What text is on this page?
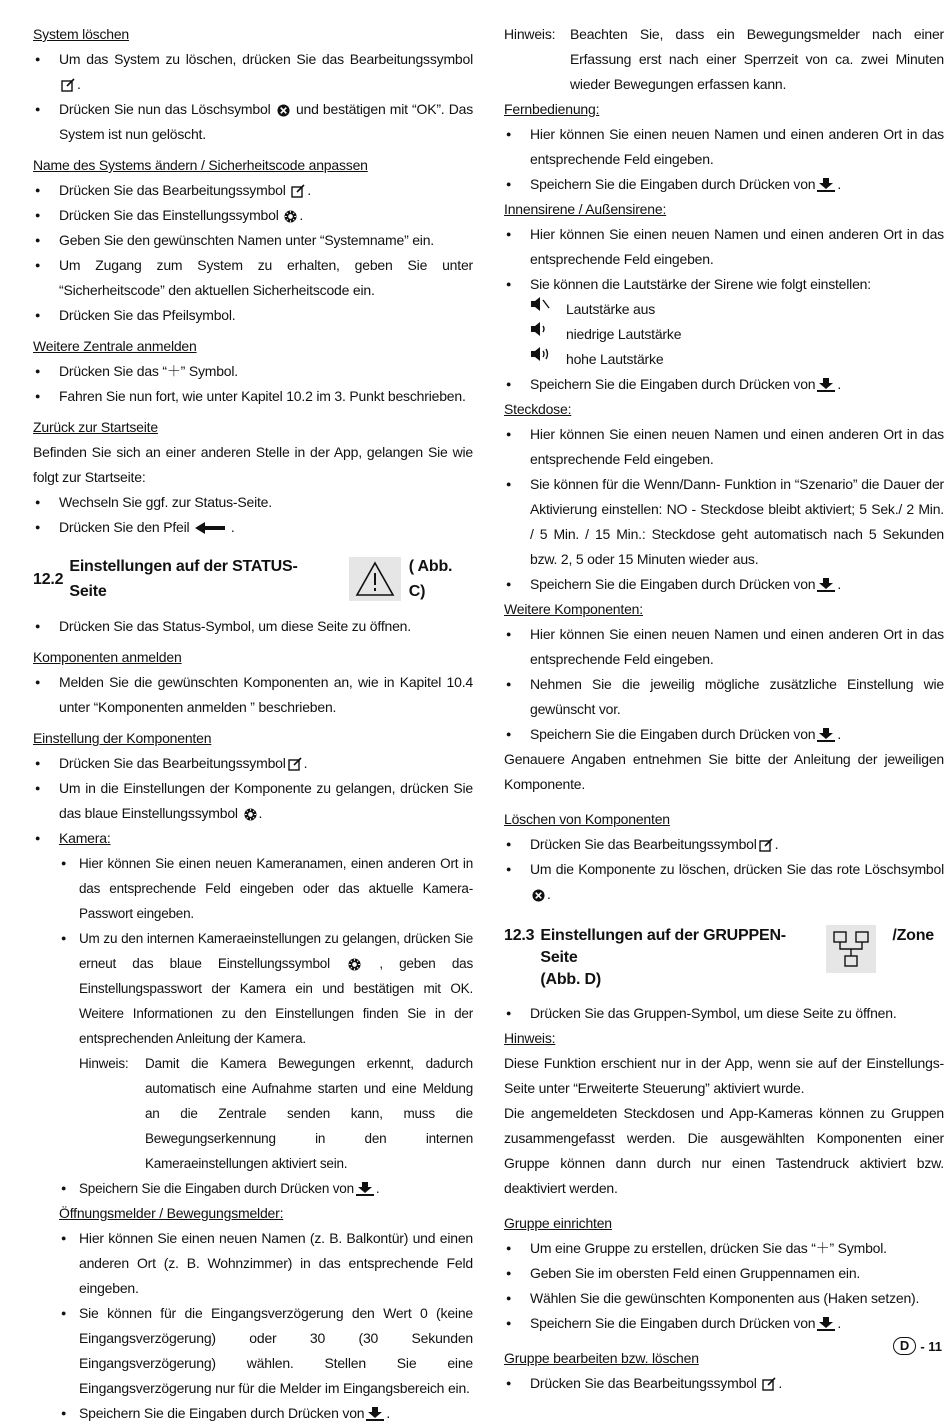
System löschen
● Um das System zu löschen, drücken Sie das Bearbeitungssymbol.
● Drücken Sie nun das Löschsymbol und bestätigen mit “OK”. Das System ist nun gelöscht.
Name des Systems ändern / Sicherheitscode anpassen
● Drücken Sie das Bearbeitungssymbol .
● Drücken Sie das Einstellungssymbol .
● Geben Sie den gewünschten Namen unter “Systemname” ein.
● Um Zugang zum System zu erhalten, geben Sie unter “Sicherheitscode” den aktuellen Sicherheitscode ein.
● Drücken Sie das Pfeilsymbol.
Weitere Zentrale anmelden
● Drücken Sie das “＋” Symbol.
● Fahren Sie nun fort, wie unter Kapitel 10.2 im 3. Punkt beschrieben.
Zurück zur Startseite

Befinden Sie sich an einer anderen Stelle in der App, gelangen Sie wie folgt zur Startseite:

● Wechseln Sie ggf. zur Status-Seite.
● Drücken Sie den Pfeil	.
12.2
Einstellungen auf der STATUS-Seite
( Abb. C)
● Drücken Sie das Status-Symbol, um diese Seite zu öffnen.
Komponenten anmelden
● Melden Sie die gewünschten Komponenten an, wie in Kapitel 10.4 unter “Komponenten anmelden ” beschrieben.
Einstellung der Komponenten
● Drücken Sie das Bearbeitungssymbol .
● Um in die Einstellungen der Komponente zu gelangen, drücken Sie das blaue Einstellungssymbol .
● Kamera:
● Hier können Sie einen neuen Kameranamen, einen anderen Ort in das entsprechende Feld eingeben oder das aktuelle Kamera-Passwort eingeben.
● Um zu den internen Kameraeinstellungen zu gelangen, drücken Sie erneut das blaue Einstellungssymbol	, geben das Einstellungspasswort der Kamera ein und bestätigen mit OK. Weitere Informationen zu den Einstellungen finden Sie in der entsprechenden Anleitung der Kamera.
Hinweis:	Damit die Kamera Bewegungen erkennt, dadurch automatisch eine Aufnahme starten und eine Meldung an die Zentrale senden kann, muss die Bewegungserkennung in den internen Kameraeinstellungen aktiviert sein.
● Speichern Sie die Eingaben durch Drücken von .
Öffnungsmelder / Bewegungsmelder:
● Hier können Sie einen neuen Namen (z. B. Balkontür) und einen anderen Ort (z. B. Wohnzimmer) in das entsprechende Feld eingeben.
● Sie können für die Eingangsverzögerung den Wert 0 (keine Eingangsverzögerung) oder 30 (30 Sekunden Eingangsverzögerung) wählen. Stellen Sie eine Eingangsverzögerung nur für die Melder im Eingangsbereich ein.
● Speichern Sie die Eingaben durch Drücken von .
Hinweis:	Beachten Sie, dass ein Bewegungsmelder nach einer Erfassung erst nach einer Sperrzeit von ca. zwei Minuten wieder Bewegungen erfassen kann.
Fernbedienung:
● Hier können Sie einen neuen Namen und einen anderen Ort in das entsprechende Feld eingeben.
● Speichern Sie die Eingaben durch Drücken von .
Innensirene / Außensirene:
● Hier können Sie einen neuen Namen und einen anderen Ort in das entsprechende Feld eingeben.
● Sie können die Lautstärke der Sirene wie folgt einstellen:
Lautstärke aus
niedrige Lautstärke
hohe Lautstärke
● Speichern Sie die Eingaben durch Drücken von .
Steckdose:
● Hier können Sie einen neuen Namen und einen anderen Ort in das entsprechende Feld eingeben.
● Sie können für die Wenn/Dann- Funktion in “Szenario” die Dauer der Aktivierung einstellen: NO - Steckdose bleibt aktiviert; 5 Sek./ 2 Min. / 5 Min. / 15 Min.: Steckdose geht automatisch nach 5 Sekunden bzw. 2, 5 oder 15 Minuten wieder aus.
● Speichern Sie die Eingaben durch Drücken von .
Weitere Komponenten:
● Hier können Sie einen neuen Namen und einen anderen Ort in das entsprechende Feld eingeben.
● Nehmen Sie die jeweilig mögliche zusätzliche Einstellung wie gewünscht vor.
● Speichern Sie die Eingaben durch Drücken von .

Genauere Angaben entnehmen Sie bitte der Anleitung der jeweiligen Komponente.

Löschen von Komponenten
● Drücken Sie das Bearbeitungssymbol .
● Um die Komponente zu löschen, drücken Sie das rote Löschsymbol.
12.3 Einstellungen auf der GRUPPEN-Seite
(Abb. D)
/Zone
● Drücken Sie das Gruppen-Symbol, um diese Seite zu öffnen.
Hinweis:

Diese Funktion erschient nur in der App, wenn sie auf der Einstellungs-Seite unter “Erweiterte Steuerung” aktiviert wurde.

Die angemeldeten Steckdosen und App-Kameras können zu Gruppen zusammengefasst werden. Die ausgewählten Komponenten einer Gruppe können dann durch nur einen Tastendruck aktiviert bzw. deaktiviert werden.

Gruppe einrichten
● Um eine Gruppe zu erstellen, drücken Sie das “＋” Symbol.
● Geben Sie im obersten Feld einen Gruppennamen ein.
● Wählen Sie die gewünschten Komponenten aus (Haken setzen).
● Speichern Sie die Eingaben durch Drücken von .
Gruppe bearbeiten bzw. löschen
● Drücken Sie das Bearbeitungssymbol .
D - 11
